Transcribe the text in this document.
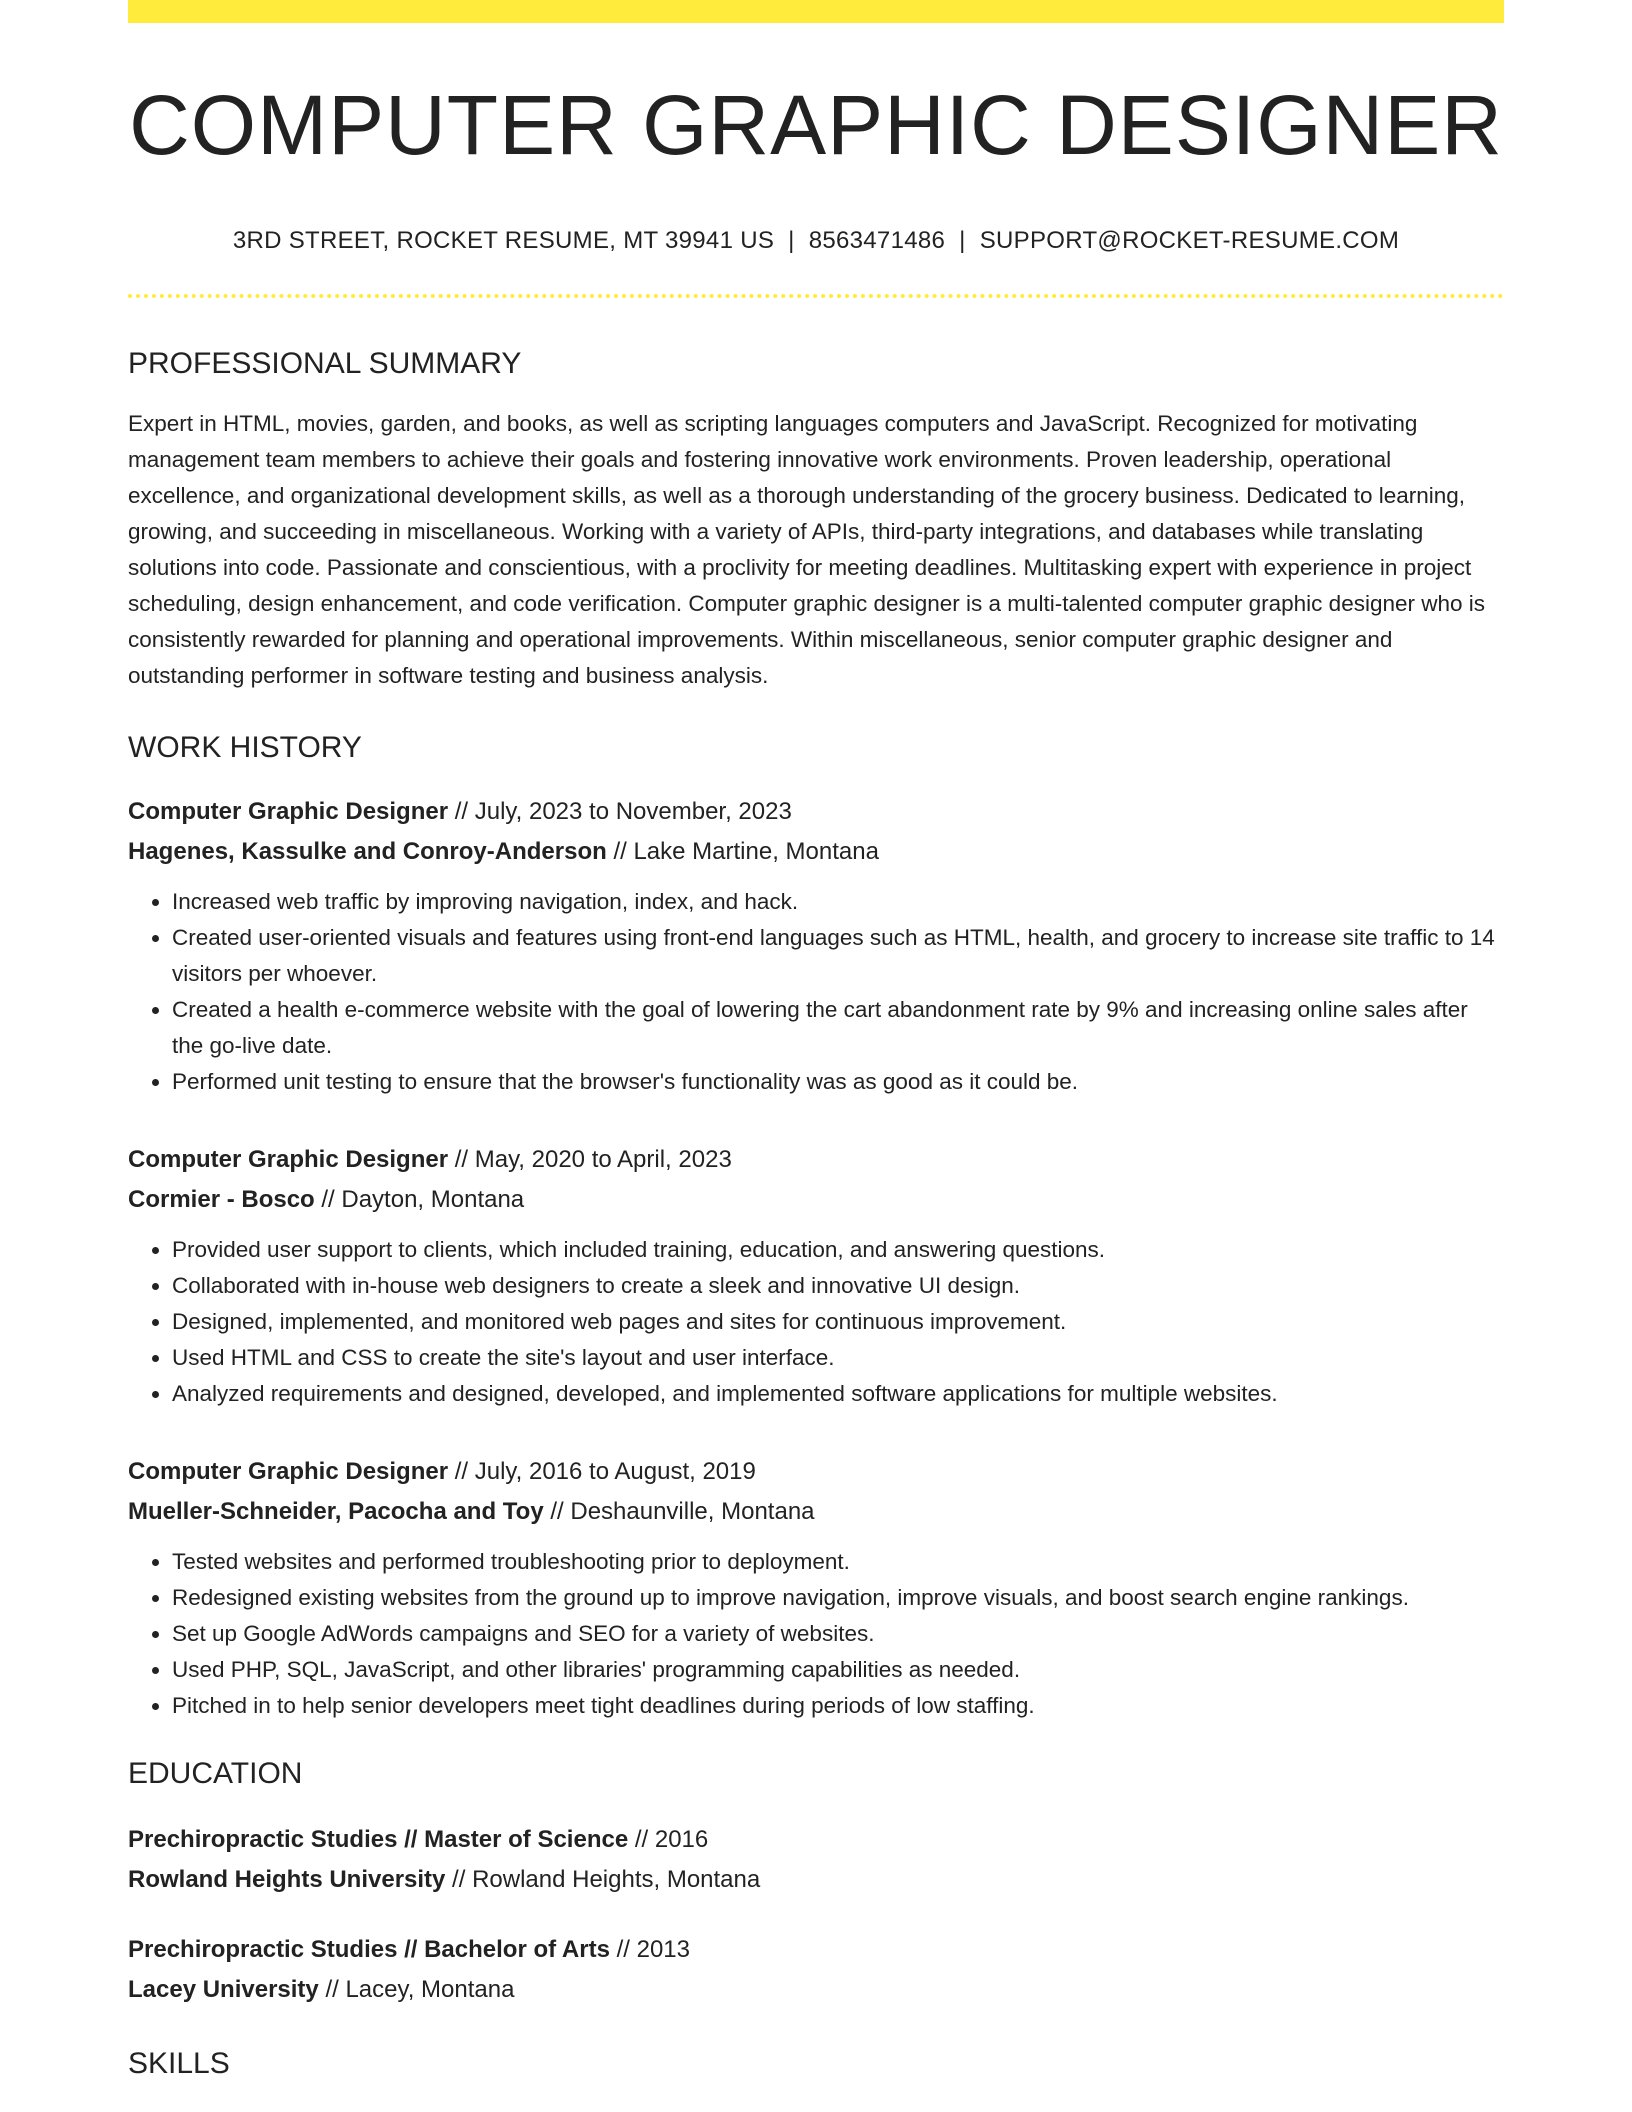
COMPUTER GRAPHIC DESIGNER
3RD STREET, ROCKET RESUME, MT 39941 US | 8563471486 | SUPPORT@ROCKET-RESUME.COM
PROFESSIONAL SUMMARY

Expert in HTML, movies, garden, and books, as well as scripting languages computers and JavaScript. Recognized for motivating management team members to achieve their goals and fostering innovative work environments. Proven leadership, operational excellence, and organizational development skills, as well as a thorough understanding of the grocery business. Dedicated to learning, growing, and succeeding in miscellaneous. Working with a variety of APIs, third-party integrations, and databases while translating solutions into code. Passionate and conscientious, with a proclivity for meeting deadlines. Multitasking expert with experience in project scheduling, design enhancement, and code verification. Computer graphic designer is a multi-talented computer graphic designer who is consistently rewarded for planning and operational improvements. Within miscellaneous, senior computer graphic designer and outstanding performer in software testing and business analysis.

WORK HISTORY
Computer Graphic Designer // July, 2023 to November, 2023
Hagenes, Kassulke and Conroy-Anderson // Lake Martine, Montana
• Increased web traffic by improving navigation, index, and hack.
• Created user-oriented visuals and features using front-end languages such as HTML, health, and grocery to increase site traffic to 14 visitors per whoever.
• Created a health e-commerce website with the goal of lowering the cart abandonment rate by 9% and increasing online sales after the go-live date.
• Performed unit testing to ensure that the browser's functionality was as good as it could be.
Computer Graphic Designer // May, 2020 to April, 2023
Cormier - Bosco // Dayton, Montana
• Provided user support to clients, which included training, education, and answering questions.
• Collaborated with in-house web designers to create a sleek and innovative UI design.
• Designed, implemented, and monitored web pages and sites for continuous improvement.
• Used HTML and CSS to create the site's layout and user interface.
• Analyzed requirements and designed, developed, and implemented software applications for multiple websites.
Computer Graphic Designer // July, 2016 to August, 2019
Mueller-Schneider, Pacocha and Toy // Deshaunville, Montana
• Tested websites and performed troubleshooting prior to deployment.
• Redesigned existing websites from the ground up to improve navigation, improve visuals, and boost search engine rankings.
• Set up Google AdWords campaigns and SEO for a variety of websites.
• Used PHP, SQL, JavaScript, and other libraries' programming capabilities as needed.
• Pitched in to help senior developers meet tight deadlines during periods of low staffing.
EDUCATION
Prechiropractic Studies // Master of Science // 2016
Rowland Heights University // Rowland Heights, Montana
Prechiropractic Studies // Bachelor of Arts // 2013
Lacey University // Lacey, Montana
SKILLS
